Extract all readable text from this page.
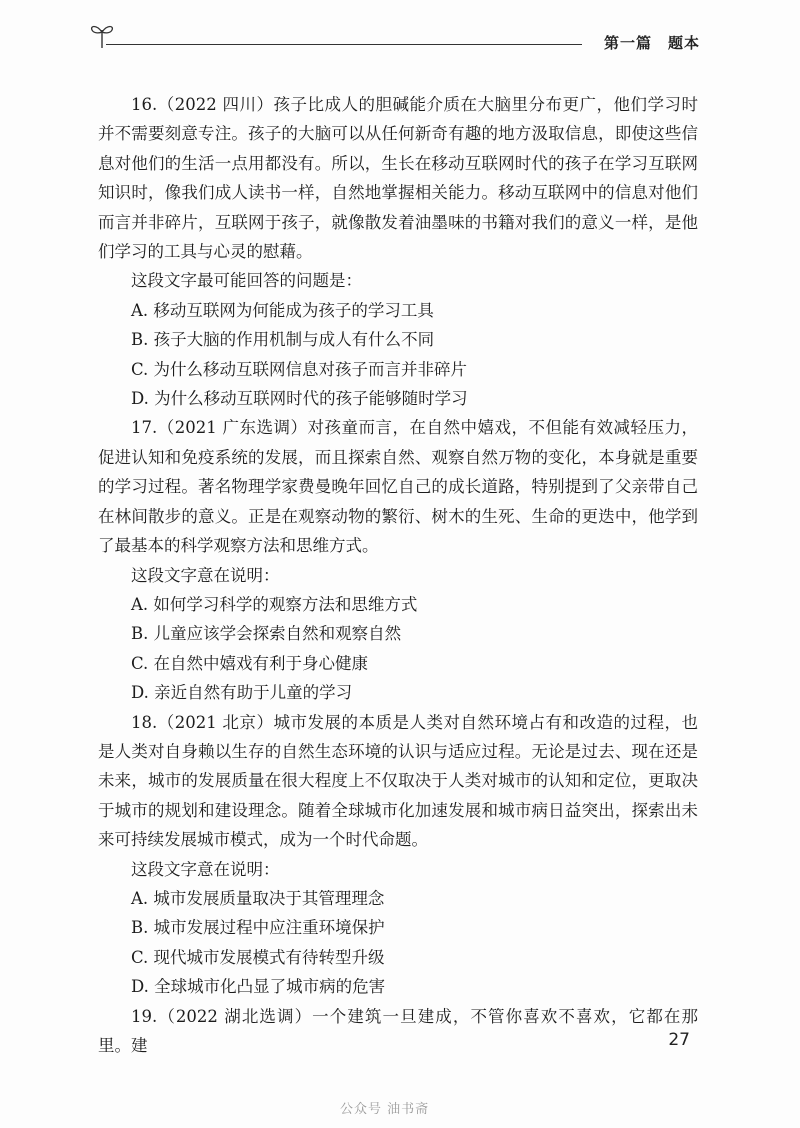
第一篇　题本

16.（2022 四川）孩子比成人的胆碱能介质在大脑里分布更广，他们学习时并不需要刻意专注。孩子的大脑可以从任何新奇有趣的地方汲取信息，即使这些信息对他们的生活一点用都没有。所以，生长在移动互联网时代的孩子在学习互联网知识时，像我们成人读书一样，自然地掌握相关能力。移动互联网中的信息对他们而言并非碎片，互联网于孩子，就像散发着油墨味的书籍对我们的意义一样，是他们学习的工具与心灵的慰藉。

这段文字最可能回答的问题是：

A. 移动互联网为何能成为孩子的学习工具

B. 孩子大脑的作用机制与成人有什么不同

C. 为什么移动互联网信息对孩子而言并非碎片

D. 为什么移动互联网时代的孩子能够随时学习

17.（2021 广东选调）对孩童而言，在自然中嬉戏，不但能有效减轻压力，促进认知和免疫系统的发展，而且探索自然、观察自然万物的变化，本身就是重要的学习过程。著名物理学家费曼晚年回忆自己的成长道路，特别提到了父亲带自己在林间散步的意义。正是在观察动物的繁衍、树木的生死、生命的更迭中，他学到了最基本的科学观察方法和思维方式。

这段文字意在说明：

A. 如何学习科学的观察方法和思维方式

B. 儿童应该学会探索自然和观察自然

C. 在自然中嬉戏有利于身心健康

D. 亲近自然有助于儿童的学习

18.（2021 北京）城市发展的本质是人类对自然环境占有和改造的过程，也是人类对自身赖以生存的自然生态环境的认识与适应过程。无论是过去、现在还是未来，城市的发展质量在很大程度上不仅取决于人类对城市的认知和定位，更取决于城市的规划和建设理念。随着全球城市化加速发展和城市病日益突出，探索出未来可持续发展城市模式，成为一个时代命题。

这段文字意在说明：

A. 城市发展质量取决于其管理理念

B. 城市发展过程中应注重环境保护

C. 现代城市发展模式有待转型升级

D. 全球城市化凸显了城市病的危害

19.（2022 湖北选调）一个建筑一旦建成，不管你喜欢不喜欢，它都在那里。建	27
公众号 油书斋
